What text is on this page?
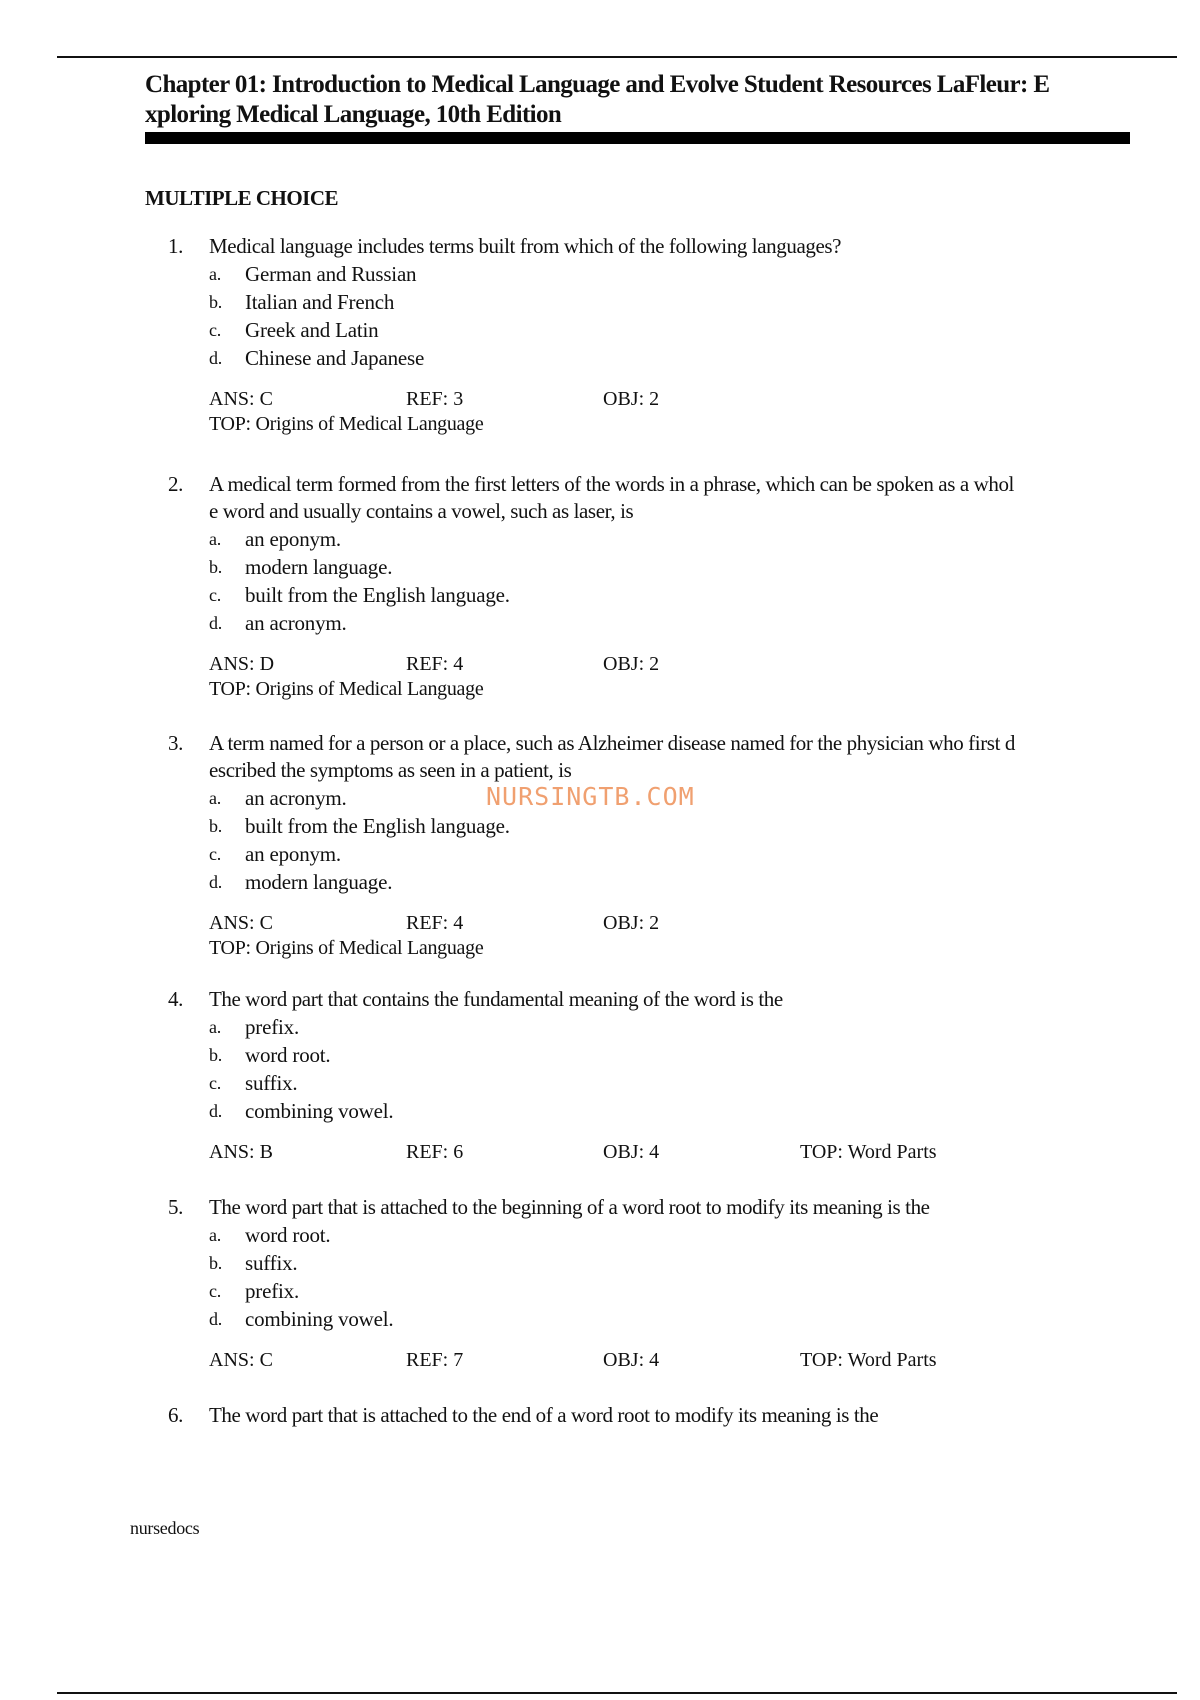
Chapter 01: Introduction to Medical Language and Evolve Student Resources LaFleur: E
xploring Medical Language, 10th Edition
MULTIPLE CHOICE
1. Medical language includes terms built from which of the following languages?
a. German and Russian
b. Italian and French
c. Greek and Latin
d. Chinese and Japanese
ANS: C	REF: 3	OBJ: 2
TOP: Origins of Medical Language
2. A medical term formed from the first letters of the words in a phrase, which can be spoken as a whol
e word and usually contains a vowel, such as laser, is
a. an eponym.
b. modern language.
c. built from the English language.
d. an acronym.
ANS: D	REF: 4	OBJ: 2
TOP: Origins of Medical Language
3. A term named for a person or a place, such as Alzheimer disease named for the physician who first d
escribed the symptoms as seen in a patient, is
a. an acronym.
b. built from the English language.
c. an eponym.
d. modern language.
ANS: C	REF: 4	OBJ: 2
TOP: Origins of Medical Language
NURSINGTB.COM
4. The word part that contains the fundamental meaning of the word is the
a. prefix.
b. word root.
c. suffix.
d. combining vowel.
ANS: B	REF: 6	OBJ: 4	TOP: Word Parts
5. The word part that is attached to the beginning of a word root to modify its meaning is the
a. word root.
b. suffix.
c. prefix.
d. combining vowel.
ANS: C	REF: 7	OBJ: 4	TOP: Word Parts
6. The word part that is attached to the end of a word root to modify its meaning is the
nursedocs
